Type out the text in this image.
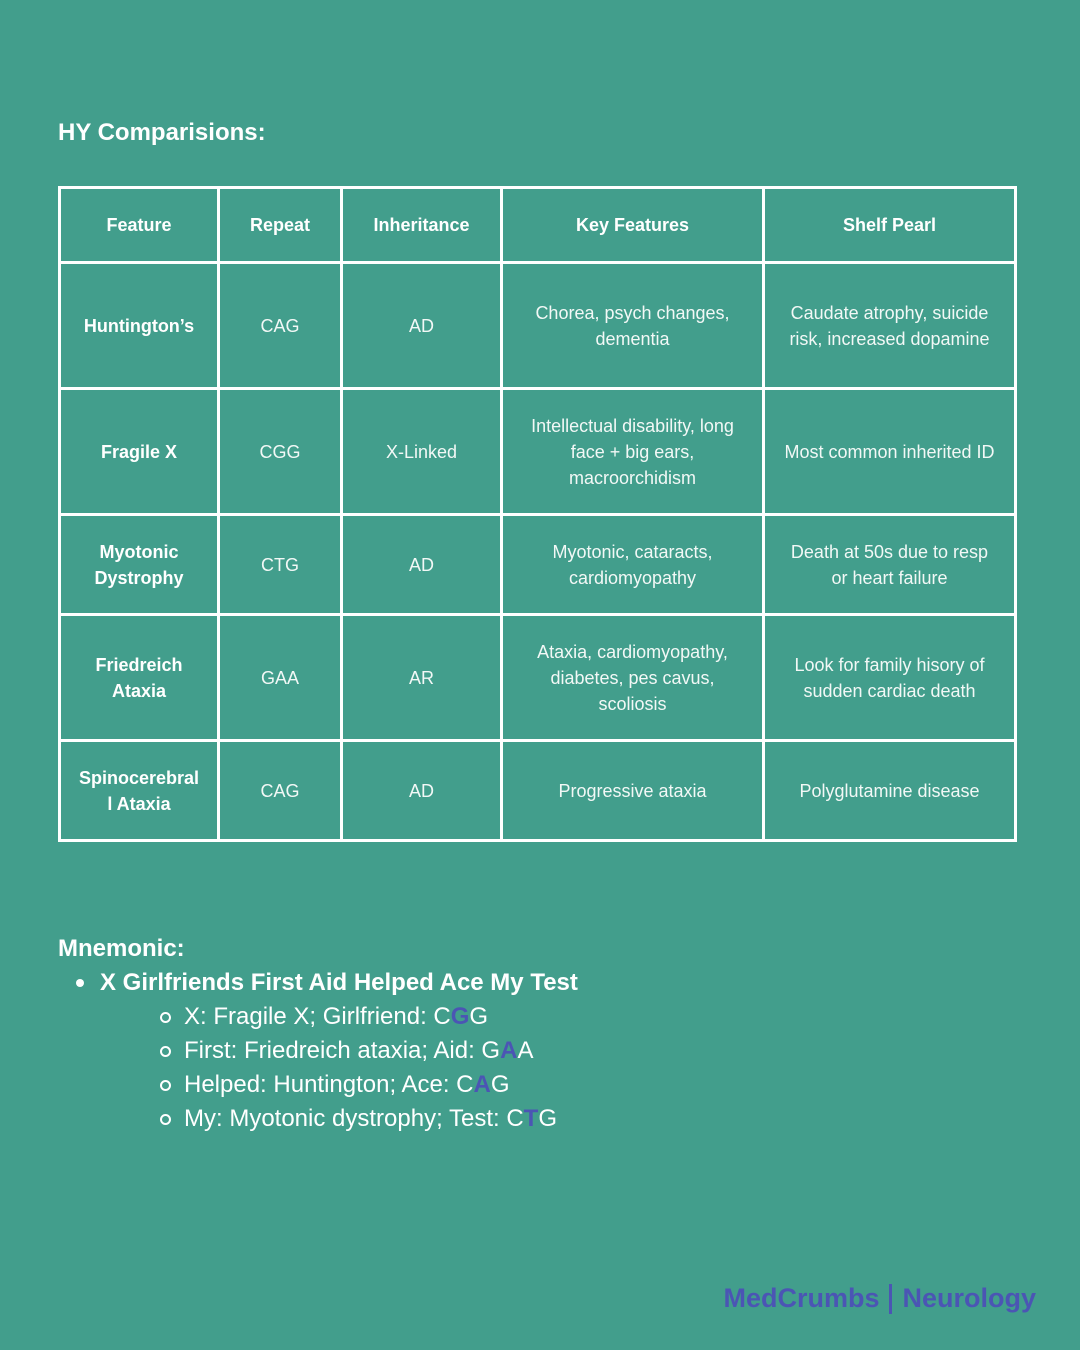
HY Comparisions:
Feature	Repeat	Inheritance	Key Features	Shelf Pearl
Huntington’s	CAG	AD	Chorea, psych changes, dementia	Caudate atrophy, suicide risk, increased dopamine
Fragile X	CGG	X-Linked	Intellectual disability, long face + big ears, macroorchidism	Most common inherited ID
Myotonic Dystrophy	CTG	AD	Myotonic, cataracts, cardiomyopathy	Death at 50s due to resp or heart failure
Friedreich Ataxia	GAA	AR	Ataxia, cardiomyopathy, diabetes, pes cavus, scoliosis	Look for family hisory of sudden cardiac death
Spinocerebrall Ataxia	CAG	AD	Progressive ataxia	Polyglutamine disease
Mnemonic:
X Girlfriends First Aid Helped Ace My Test
X: Fragile X; Girlfriend: CGG
First: Friedreich ataxia; Aid: GAA
Helped: Huntington; Ace: CAG
My: Myotonic dystrophy; Test: CTG
MedCrumbs Neurology
